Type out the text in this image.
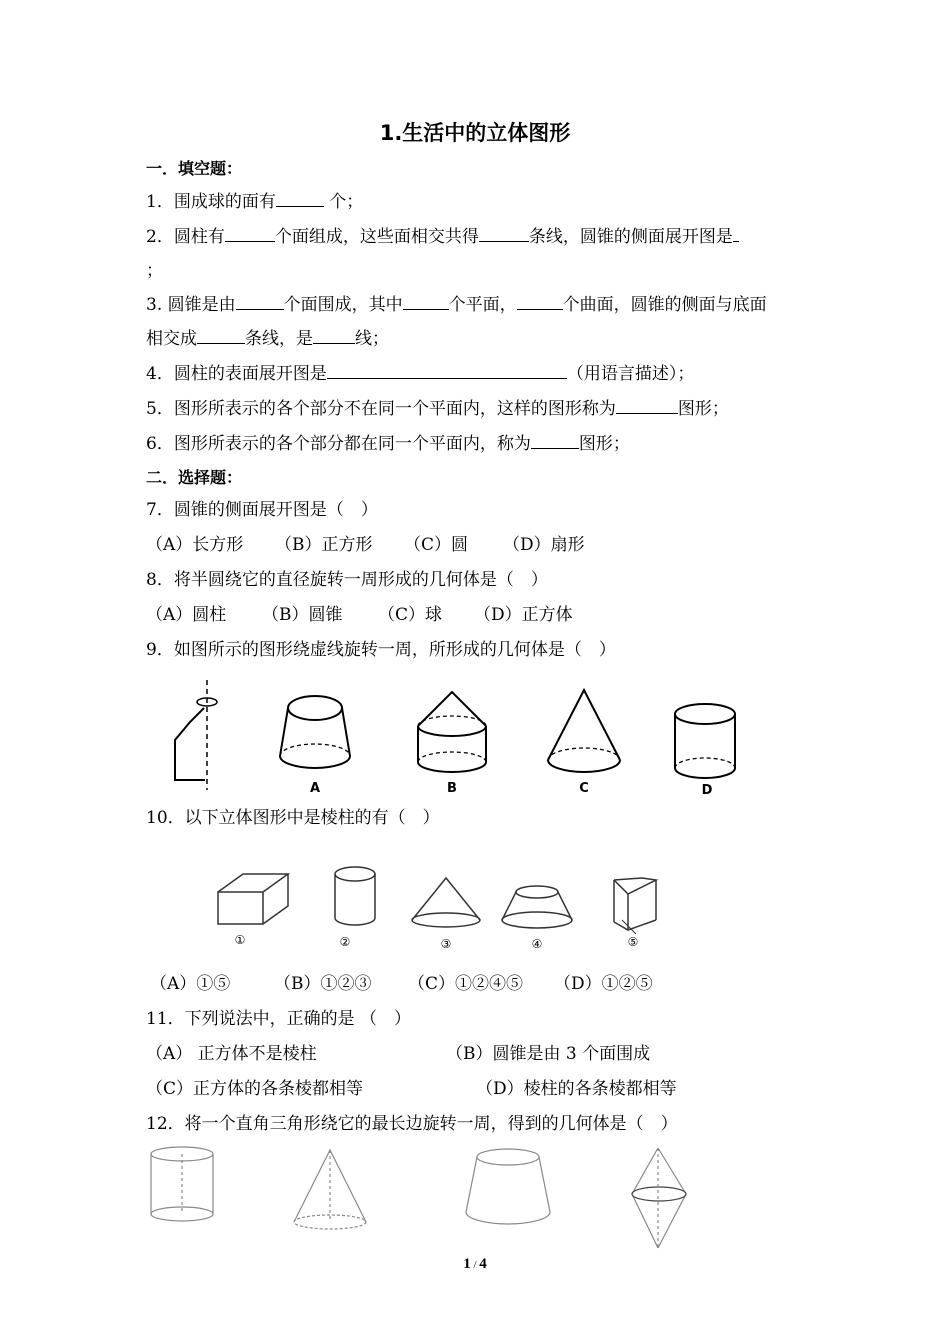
1.生活中的立体图形
一．填空题：
1．围成球的面有	个；
2．圆柱有	个面组成，这些面相交共得	条线，圆锥的侧面展开图是
；
3. 圆锥是由	个面围成，其中	个平面，	个曲面，圆锥的侧面与底面
相交成	条线，是 线；
4．圆柱的表面展开图是	（用语言描述）；
5．图形所表示的各个部分不在同一个平面内，这样的图形称为	图形；
6．图形所表示的各个部分都在同一个平面内，称为	图形；
二．选择题：
7．圆锥的侧面展开图是（　）
（A）长方形 （B）正方形 （C）圆 （D）扇形
8．将半圆绕它的直径旋转一周形成的几何体是（　）
（A）圆柱 （B）圆锥 （C）球 （D）正方体
9．如图所示的图形绕虚线旋转一周，所形成的几何体是（　）
A	B	C	D
10．以下立体图形中是棱柱的有（　）
①	②	③	④	⑤
（A）①⑤	（B）①②③ （C）①②④⑤ （D）①②⑤
11．下列说法中，正确的是 （　）
（A） 正方体不是棱柱	（B）圆锥是由 3 个面围成
（C）正方体的各条棱都相等	（D）棱柱的各条棱都相等
12．将一个直角三角形绕它的最长边旋转一周，得到的几何体是（　）
1 / 4
